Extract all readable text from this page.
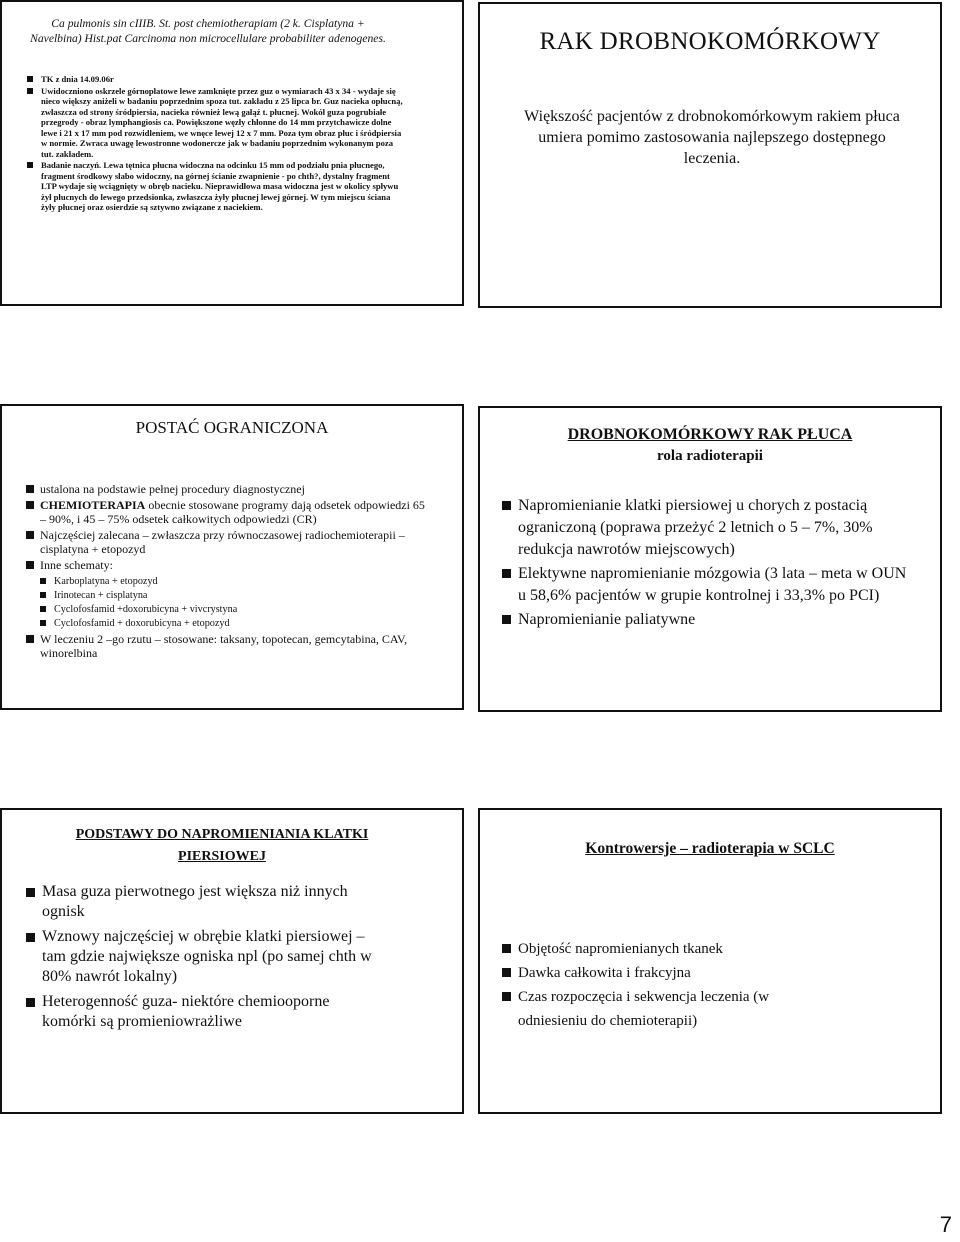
Ca pulmonis sin cIIIB. St. post chemiotherapiam (2 k. Cisplatyna + Navelbina) Hist.pat Carcinoma non microcellulare probabiliter adenogenes.
TK z dnia 14.09.06r
Uwidoczniono oskrzele górnopłatowe lewe zamknięte przez guz o wymiarach 43 x 34 - wydaje się nieco większy aniżeli w badaniu poprzednim spoza tut. zakładu z 25 lipca br. Guz nacieka opłucną, zwłaszcza od strony śródpiersia, nacieka również lewą gałąź t. płucnej. Wokół guza pogrubiałe przegrody - obraz lymphangiosis ca. Powiększone węzły chłonne do 14 mm przytchawicze dolne lewe i 21 x 17 mm pod rozwidleniem, we wnęce lewej 12 x 7 mm. Poza tym obraz płuc i śródpiersia w normie. Zwraca uwagę lewostronne wodonercze jak w badaniu poprzednim wykonanym poza tut. zakładem.
Badanie naczyń. Lewa tętnica płucna widoczna na odcinku 15 mm od podziału pnia płucnego, fragment środkowy słabo widoczny, na górnej ścianie zwapnienie - po chth?, dystalny fragment LTP wydaje się wciągnięty w obręb nacieku. Nieprawidłowa masa widoczna jest w okolicy spływu żył płucnych do lewego przedsionka, zwłaszcza żyły płucnej lewej górnej. W tym miejscu ściana żyły płucnej oraz osierdzie są sztywno związane z naciekiem.
RAK DROBNOKOMÓRKOWY
Większość pacjentów z drobnokomórkowym rakiem płuca umiera pomimo zastosowania najlepszego dostępnego leczenia.
POSTAĆ OGRANICZONA
ustalona na podstawie pełnej procedury diagnostycznej
CHEMIOTERAPIA obecnie stosowane programy dają odsetek odpowiedzi 65 – 90%, i 45 – 75% odsetek całkowitych odpowiedzi (CR)
Najczęściej zalecana – zwłaszcza przy równoczasowej radiochemioterapii – cisplatyna + etopozyd
Inne schematy:
Karboplatyna + etopozyd
Irinotecan + cisplatyna
Cyclofosfamid +doxorubicyna + vivcrystyna
Cyclofosfamid + doxorubicyna + etopozyd
W leczeniu 2 –go rzutu – stosowane: taksany, topotecan, gemcytabina, CAV, winorelbina
DROBNOKOMÓRKOWY RAK PŁUCA
rola radioterapii
Napromienianie klatki piersiowej u chorych z postacią ograniczoną (poprawa przeżyć 2 letnich o 5 – 7%, 30% redukcja nawrotów miejscowych)
Elektywne napromienianie mózgowia (3 lata – meta w OUN u 58,6% pacjentów w grupie kontrolnej i 33,3% po PCI)
Napromienianie paliatywne
PODSTAWY DO NAPROMIENIANIA KLATKI PIERSIOWEJ
Masa guza pierwotnego jest większa niż innych ognisk
Wznowy najczęściej w obrębie klatki piersiowej – tam gdzie największe ogniska npl (po samej chth w 80% nawrót lokalny)
Heterogenność guza- niektóre chemiooporne komórki są promieniowrażliwe
Kontrowersje – radioterapia w SCLC
Objętość napromienianych tkanek
Dawka całkowita i frakcyjna
Czas rozpoczęcia i sekwencja leczenia (w odniesieniu do chemioterapii)
7
